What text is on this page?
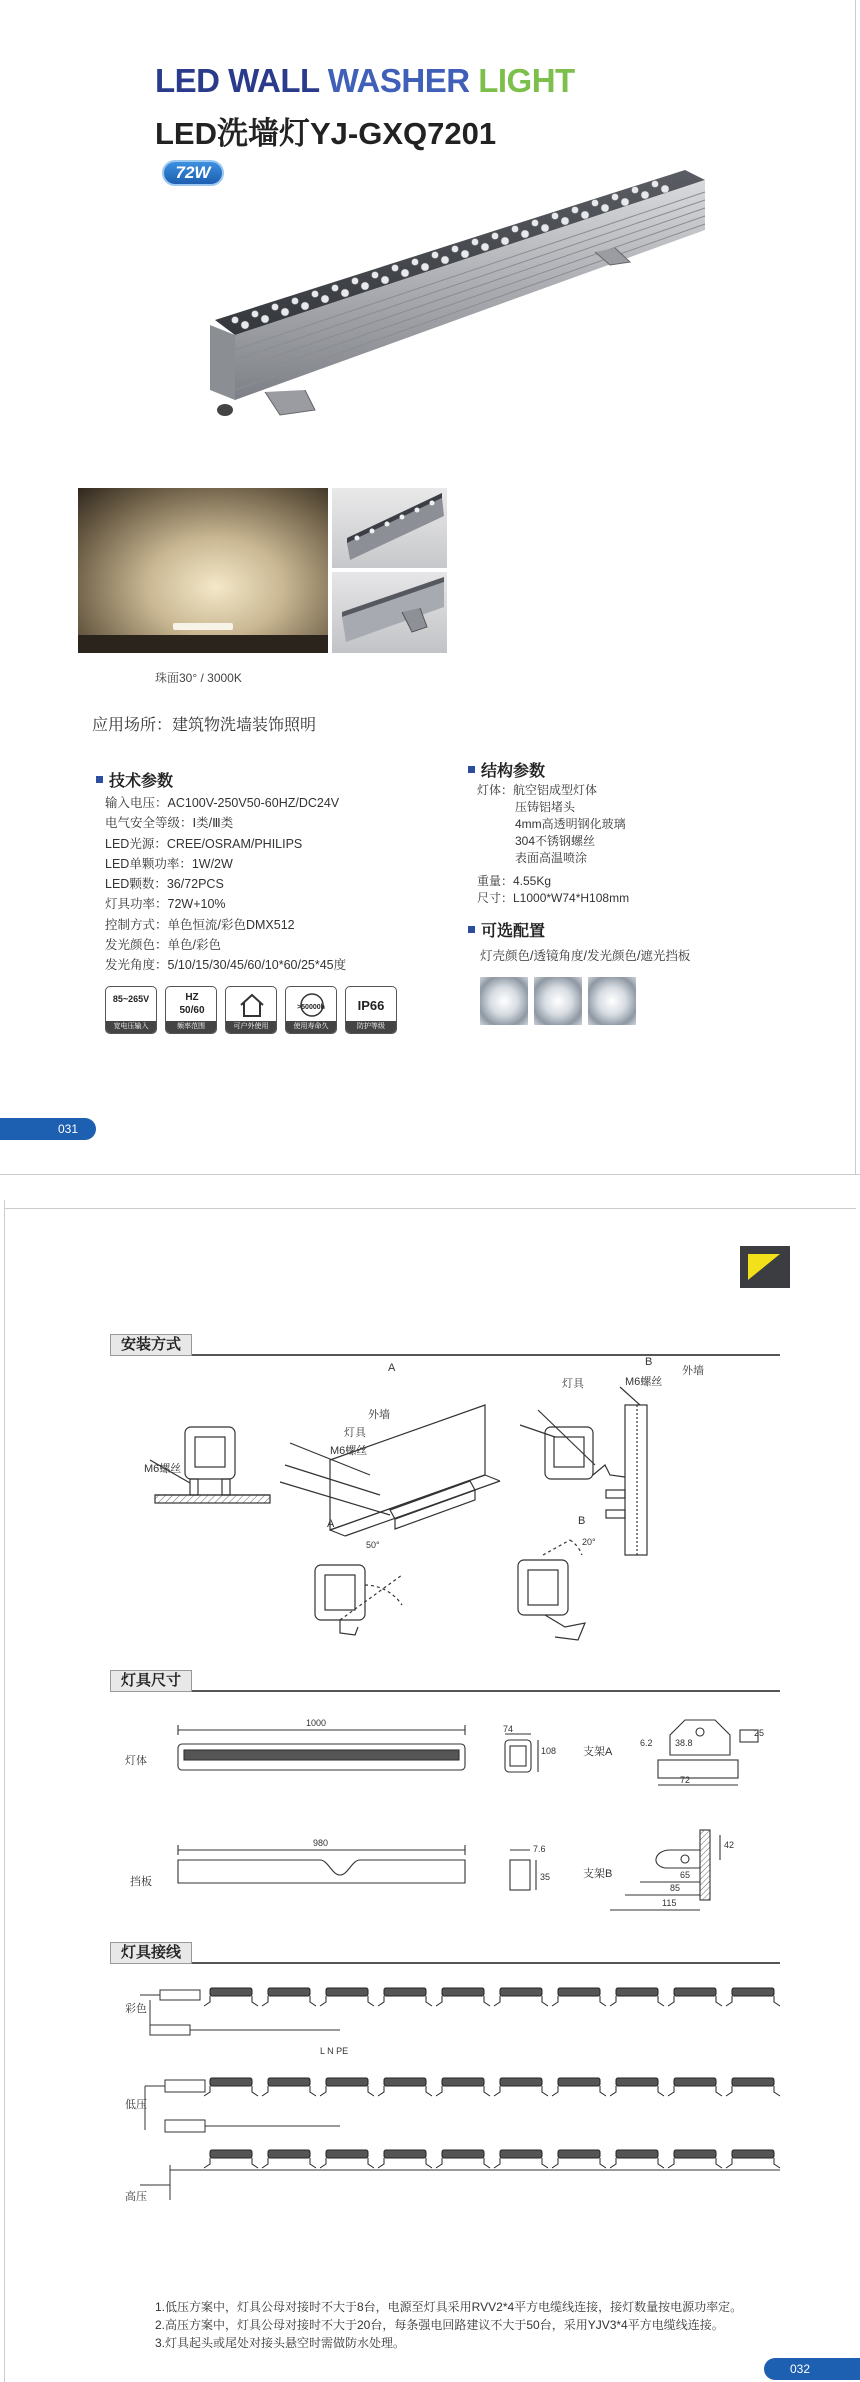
LED WALL WASHER LIGHT
LED洗墙灯YJ-GXQ7201
72W
珠面30° / 3000K
应用场所：建筑物洗墙装饰照明
技术参数
输入电压：AC100V-250V50-60HZ/DC24V
电气安全等级：Ⅰ类/Ⅲ类
LED光源：CREE/OSRAM/PHILIPS
LED单颗功率：1W/2W
LED颗数：36/72PCS
灯具功率：72W+10%
控制方式：单色恒流/彩色DMX512
发光颜色：单色/彩色
发光角度：5/10/15/30/45/60/10*60/25*45度
结构参数
灯体：航空铝成型灯体
压铸铝堵头
4mm高透明钢化玻璃
304不锈钢螺丝
表面高温喷涂
重量：4.55Kg
尺寸：L1000*W74*H108mm
可选配置
灯壳颜色/透镜角度/发光颜色/遮光挡板
85~265V
宽电压输入
HZ 50/60
频率范围	可户外使用
>50000h
使用寿命久
IP66
防护等级
031
安装方式
M6螺丝
A	B
外墙
灯具
M6螺丝
灯具	M6螺丝
外墙
A	B
50°	20°
灯具尺寸
灯体
挡板
支架A
支架B
1000
980
74
108
7.6
35	65
85
115
42
38.8
72
25
6.2
灯具接线
彩色
低压
高压
L N PE
1.低压方案中，灯具公母对接时不大于8台，电源至灯具采用RVV2*4平方电缆线连接，接灯数量按电源功率定。
2.高压方案中，灯具公母对接时不大于20台，每条强电回路建议不大于50台，采用YJV3*4平方电缆线连接。
3.灯具起头或尾处对接头悬空时需做防水处理。
032
